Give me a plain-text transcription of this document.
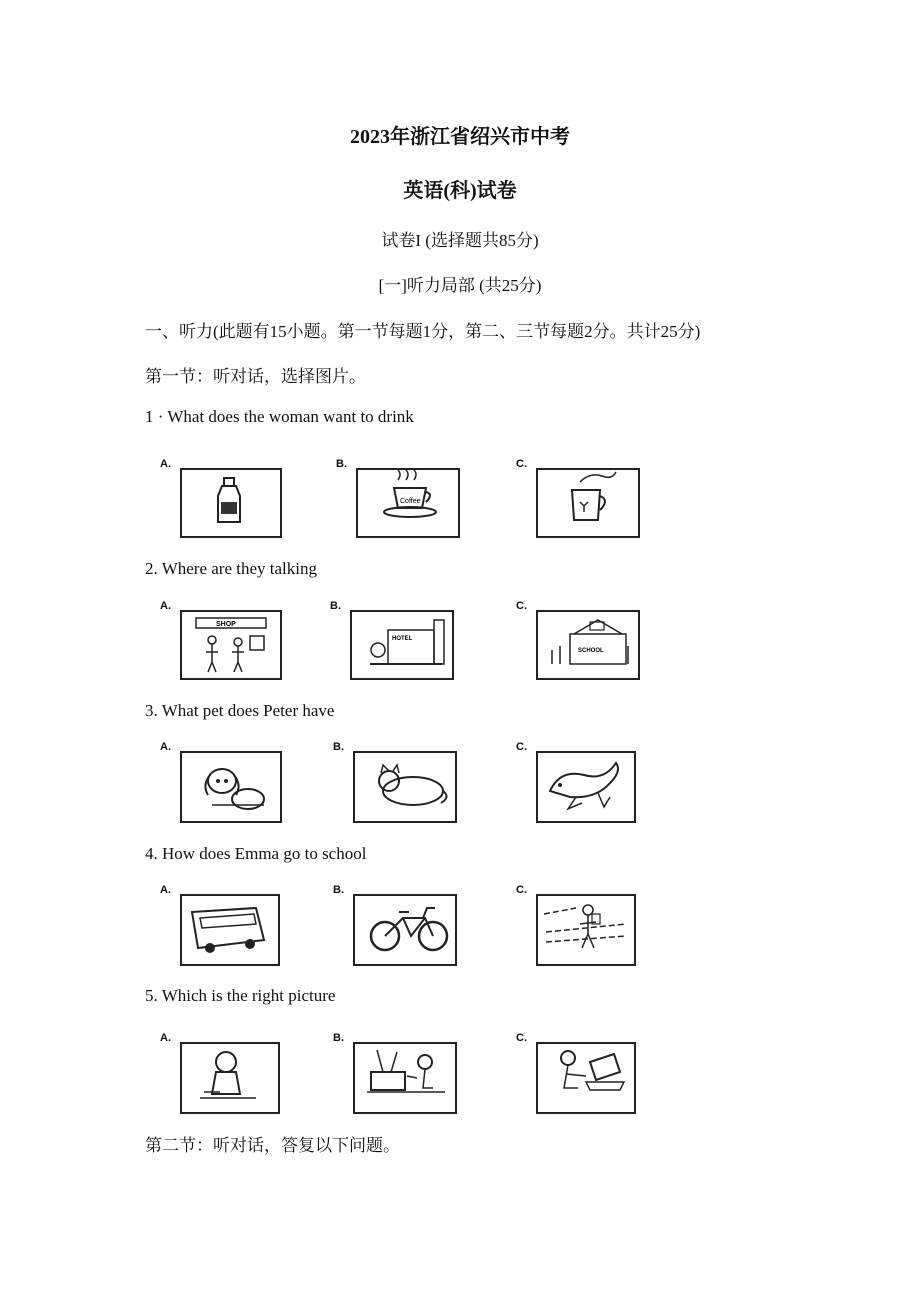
2023年浙江省绍兴市中考
英语(科)试卷
试卷I (选择题共85分)
[一]听力局部 (共25分)
一、听力(此题有15小题。第一节每题1分，第二、三节每题2分。共计25分)
第一节：听对话，选择图片。
1 · What does the woman want to drink
A.	B.
Coffee
C.
2. Where are they talking
A.
SHOP
B.
HOTEL
C.
SCHOOL
3. What pet does Peter have
A.	B.	C.
4. How does Emma go to school
A.	B.	C.
5. Which is the right picture
A.	B.	C.
第二节：听对话，答复以下问题。
